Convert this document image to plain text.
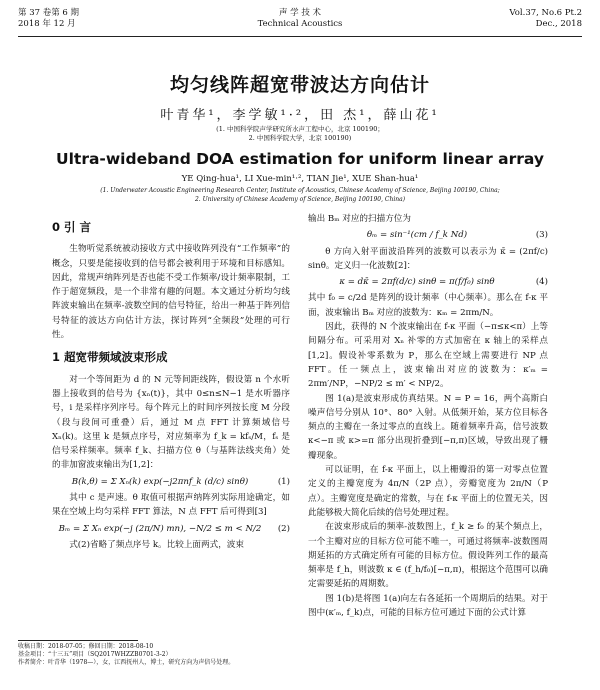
第 37 卷第 6 期
2018 年 12 月
声 学 技 术
Technical Acoustics
Vol.37, No.6 Pt.2
Dec., 2018
均匀线阵超宽带波达方向估计
叶青华¹，李学敏¹·²，田 杰¹，薛山花¹
(1. 中国科学院声学研究所水声工程中心，北京 100190；
2. 中国科学院大学，北京 100190)
Ultra-wideband DOA estimation for uniform linear array
YE Qing-hua¹, LI Xue-min¹·², TIAN Jie¹, XUE Shan-hua¹
(1. Underwater Acoustic Engineering Research Center, Institute of Acoustics, Chinese Academy of Science, Beijing 100190, China;
2. University of Chinese Academy of Science, Beijing 100190, China)
0 引 言

生物听觉系统被动接收方式中接收阵列没有“工作频率”的概念，只要是能接收到的信号都会被利用于环境和目标感知。因此，常规声纳阵列是否也能不受工作频率/设计频率限制，工作于超宽频段，是一个非常有趣的问题。本文通过分析均匀线阵波束输出在频率-波数空间的信号特征，给出一种基于阵列信号特征的波达方向估计方法，探讨阵列“全频段”处理的可行性。

1 超宽带频域波束形成

对一个等间距为 d 的 N 元等间距线阵，假设第 n 个水听器上接收到的信号为 {xₙ(t)}，其中 0≤n≤N−1 是水听器序号，i 是采样序列序号。每个阵元上的时间序列按长度 M 分段（段与段间可重叠）后，通过 M 点 FFT 计算频域信号 Xₙ(k)。这里 k 是频点序号，对应频率为 f_k = kfₛ/M，fₛ 是信号采样频率。频率 f_k、扫描方位 θ（与基阵法线夹角）处的非加窗波束输出为[1,2]：

B(k,θ) = Σ Xₙ(k) exp(−j2πnf_k (d/c) sinθ)	(1)

其中 c 是声速。θ 取值可根据声纳阵列实际用途确定，如果在空域上均匀采样 FFT 算法，N 点 FFT 后可得到[3]

Bₘ = Σ Xₙ exp(−j (2π/N) mn), −N/2 ≤ m < N/2	(2)

式(2)省略了频点序号 k。比较上面两式，波束

输出 Bₘ 对应的扫描方位为

θₘ = sin⁻¹(cm / f_k Nd)	(3)

θ 方向入射平面波沿阵列的波数可以表示为 κ̄ = (2πf/c) sinθ。定义归一化波数[2]：

κ = dκ̄ = 2πf(d/c) sinθ = π(f/f₀) sinθ	(4)

其中 f₀ = c/2d 是阵列的设计频率（中心频率）。那么在 f-κ 平面，波束输出 Bₘ 对应的波数为：κₘ = 2πm/N。

因此，获得的 N 个波束输出在 f-κ 平面（−π≤κ<π）上等间隔分布。可采用对 Xₙ 补零的方式加密在 κ 轴上的采样点[1,2]。假设补零系数为 P，那么在空域上需要进行 NP 点 FFT。任一频点上，波束输出对应的波数为：κ′ₘ = 2πm′/NP，−NP/2 ≤ m′ < NP/2。

图 1(a)是波束形成仿真结果。N = P = 16，两个高斯白噪声信号分别从 10°、80° 入射。从低频开始，某方位目标各频点的主瓣在一条过零点的直线上。随着频率升高，信号波数 κ<−π 或 κ>=π 部分出现折叠到[−π,π)区域，导致出现了栅瓣现象。

可以证明，在 f-κ 平面上，以上栅瓣沿的第一对零点位置定义的主瓣宽度为 4π/N（2P 点），旁瓣宽度为 2π/N（P 点）。主瓣宽度是确定的常数，与在 f-κ 平面上的位置无关，因此能够极大简化后续的信号处理过程。

在波束形成后的频率-波数图上，f_k ≥ f₀ 的某个频点上，一个主瓣对应的目标方位可能不唯一，可通过将频率-波数图周期延拓的方式确定所有可能的目标方位。假设阵列工作的最高频率是 f_h，则波数 κ ∈ (f_h/f₀)[−π,π)，根据这个范围可以确定需要延拓的周期数。

图 1(b)是将图 1(a)向左右各延拓一个周期后的结果。对于图中(κ′ₘ, f_k)点，可能的目标方位可通过下面的公式计算

收稿日期：2018-07-05；修回日期：2018-08-10
基金项目：“十三五”项目（SQ2017WHZZB0701-3-2）
作者简介：叶青华（1978—），女，江西抚州人，博士，研究方向为声信号处理。
